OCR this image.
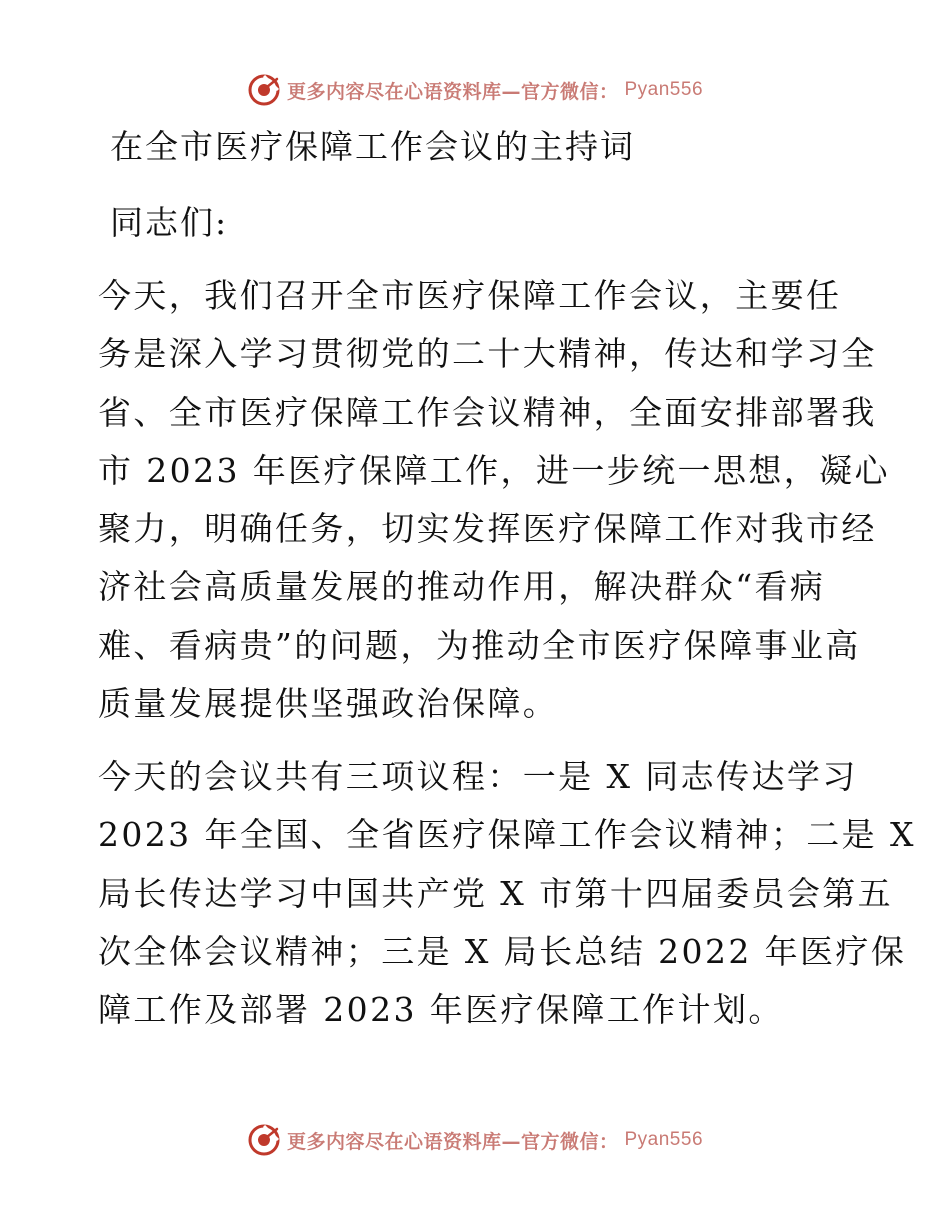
更多内容尽在心语资料库—官方微信： Pyan556
在全市医疗保障工作会议的主持词
同志们:

今天，我们召开全市医疗保障工作会议，主要任
务是深入学习贯彻党的二十大精神，传达和学习全
省、全市医疗保障工作会议精神，全面安排部署我
市 2023 年医疗保障工作，进一步统一思想，凝心
聚力，明确任务，切实发挥医疗保障工作对我市经
济社会高质量发展的推动作用，解决群众“看病
难、看病贵”的问题，为推动全市医疗保障事业高
质量发展提供坚强政治保障。

今天的会议共有三项议程：一是 X 同志传达学习
2023 年全国、全省医疗保障工作会议精神；二是 X
局长传达学习中国共产党 X 市第十四届委员会第五
次全体会议精神；三是 X 局长总结 2022 年医疗保
障工作及部署 2023 年医疗保障工作计划。

更多内容尽在心语资料库—官方微信： Pyan556
